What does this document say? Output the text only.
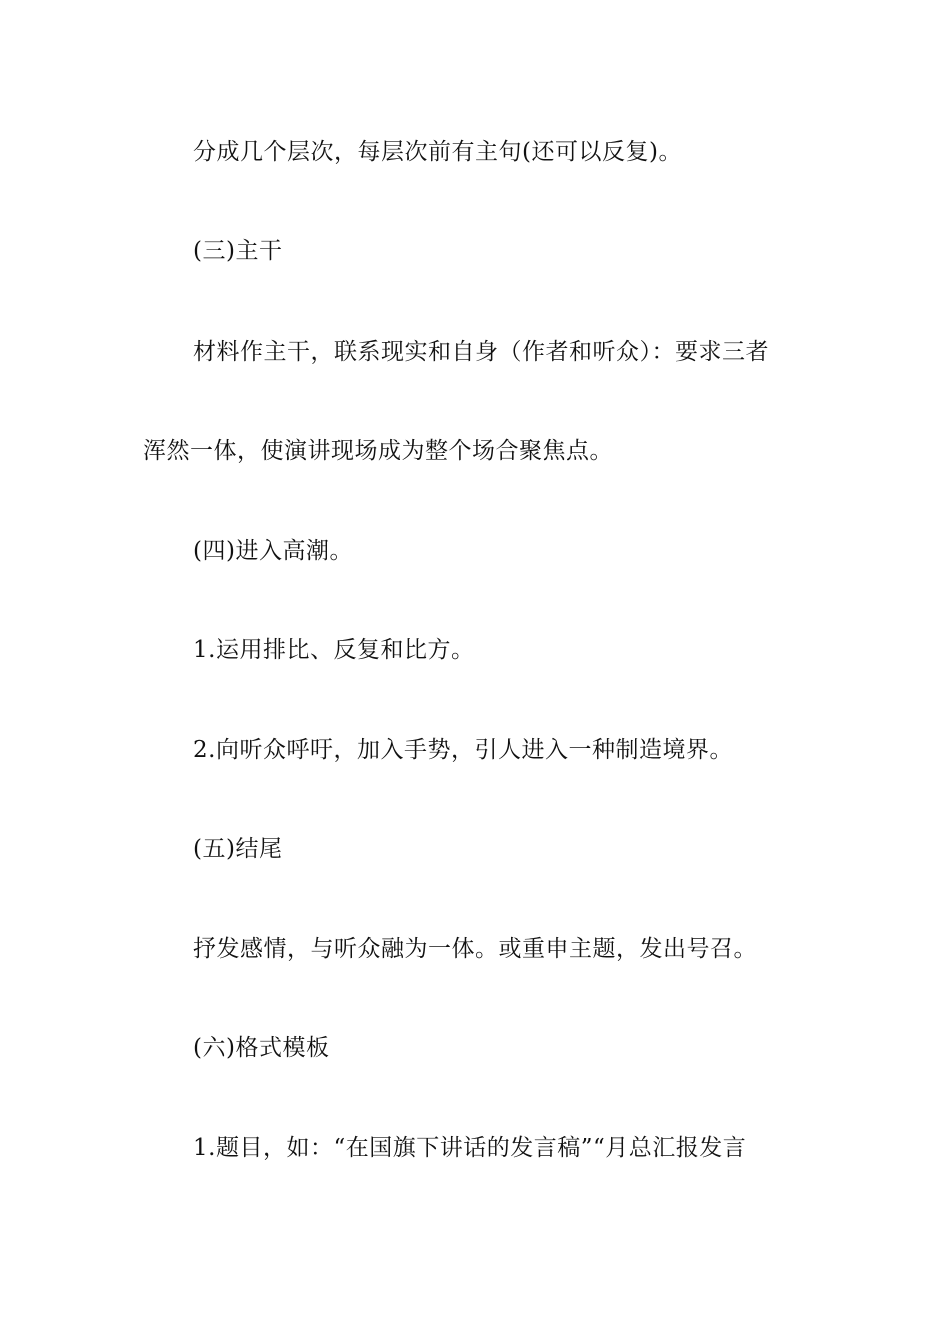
分成几个层次，每层次前有主句(还可以反复)。
(三)主干
材料作主干，联系现实和自身（作者和听众）：要求三者
浑然一体，使演讲现场成为整个场合聚焦点。
(四)进入高潮。
1.运用排比、反复和比方。
2.向听众呼吁，加入手势，引人进入一种制造境界。
(五)结尾
抒发感情，与听众融为一体。或重申主题，发出号召。
(六)格式模板
1.题目，如：“在国旗下讲话的发言稿”“月总汇报发言
